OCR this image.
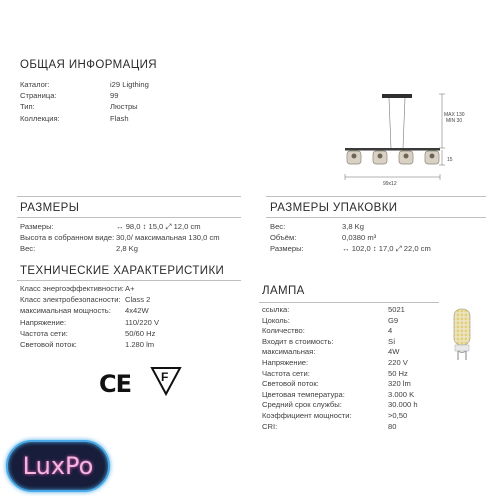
ОБЩАЯ ИНФОРМАЦИЯ
Каталог:	i29 Ligthing
Страница:	99
Тип:	Люстры
Коллекция:	Flash	MAX 130
MIN 30
15
99x12
РАЗМЕРЫ
Размеры:	↔ 98,0 ↕ 15,0 ⤢ 12,0 cm
Высота в собранном виде: 30,0/ максимальная 130,0 cm
Вес:	2,8 Kg
РАЗМЕРЫ УПАКОВКИ
Вес:	3,8 Kg
Объём:	0,0380 m³
Размеры:	↔ 102,0 ↕ 17,0 ⤢ 22,0 cm
ТЕХНИЧЕСКИЕ ХАРАКТЕРИСТИКИ
Класс энергоэффективности: A+
Класс электробезопасности: Class 2
максимальная мощность: 4x42W
Напряжение:	110/220 V
Частота сети:	50/60 Hz
Световой поток:	1.280 lm
CE F
ЛАМПА
ссылка:	5021
Цоколь:	G9
Количество:	4
Входит в стоимость:	Sí
максимальная:	4W
Напряжение:	220 V
Частота сети:	50 Hz
Световой поток:	320 lm
Цветовая температура:	3.000 K
Средний срок службы:	30.000 h
Коэффициент мощности:	>0,50
CRI:	80
LuxPo
